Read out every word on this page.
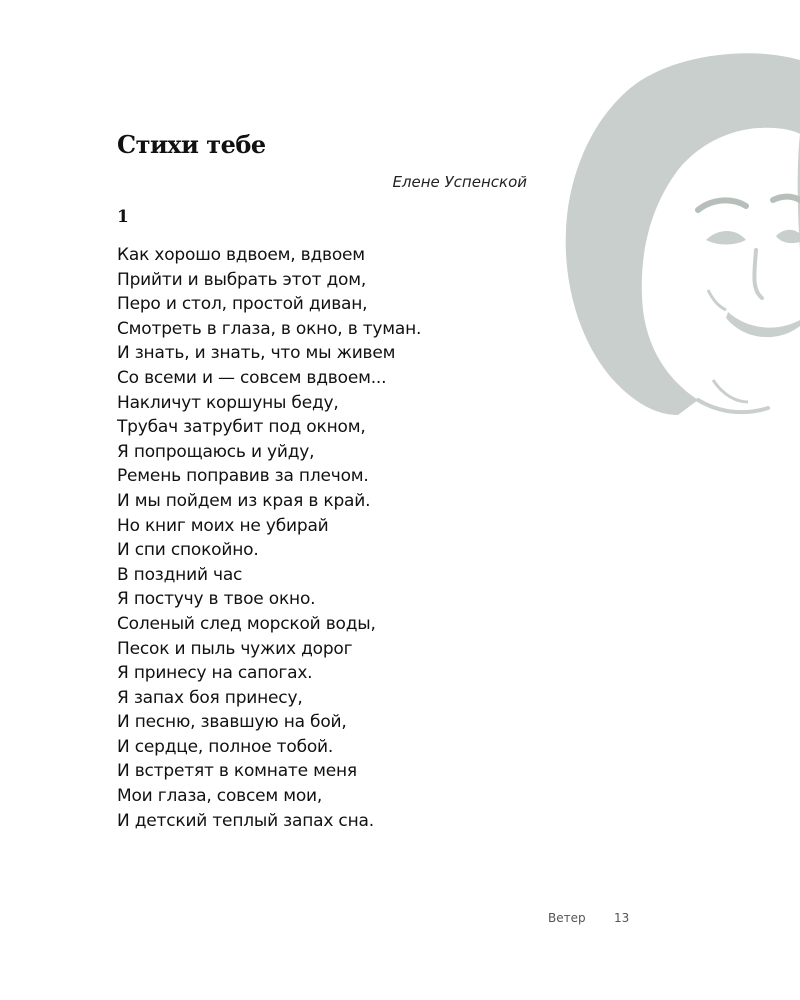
Стихи тебе
Елене Успенской
1
Как хорошо вдвоем, вдвоем
Прийти и выбрать этот дом,
Перо и стол, простой диван,
Смотреть в глаза, в окно, в туман.
И знать, и знать, что мы живем
Со всеми и — совсем вдвоем...
Накличут коршуны беду,
Трубач затрубит под окном,
Я попрощаюсь и уйду,
Ремень поправив за плечом.
И мы пойдем из края в край.
Но книг моих не убирай
И спи спокойно.
В поздний час
Я постучу в твое окно.
Соленый след морской воды,
Песок и пыль чужих дорог
Я принесу на сапогах.
Я запах боя принесу,
И песню, звавшую на бой,
И сердце, полное тобой.
И встретят в комнате меня
Мои глаза, совсем мои,
И детский теплый запах сна.
Ветер 13
